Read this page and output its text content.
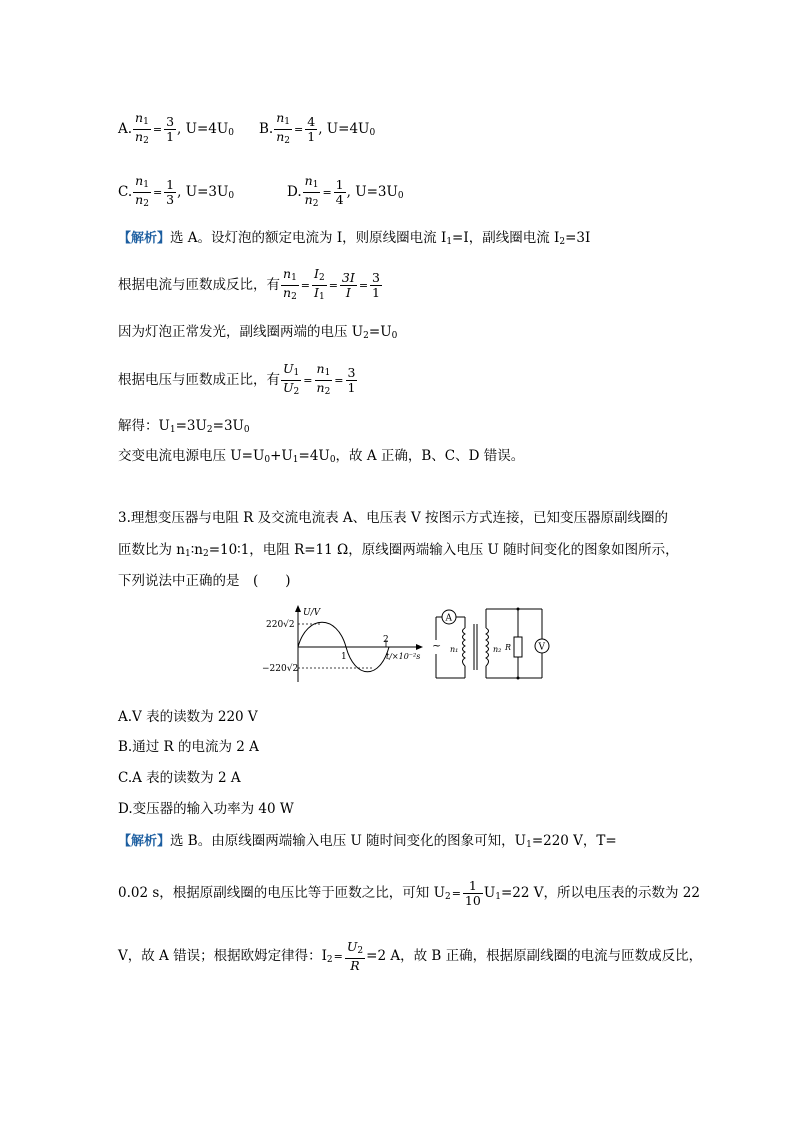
A. $\frac{n_1}{n_2} = \frac{3}{1}$ , $U=4U_0$ B. $\frac{n_1}{n_2} = \frac{4}{1}$ , $U=4U_0$
C. $\frac{n_1}{n_2} = \frac{1}{3}$ , $U=3U_0$	D. $\frac{n_1}{n_2} = \frac{1}{4}$ , $U=3U_0$
【解析】选 A。设灯泡的额定电流为 I，则原线圈电流 $I_1=I$，副线圈电流 $I_2=3I$
根据电流与匝数成反比，有 $\frac{n_1}{n_2} = \frac{I_2}{I_1} = \frac{3I}{I} = \frac{3}{1}$
因为灯泡正常发光，副线圈两端的电压 $U_2=U_0$
根据电压与匝数成正比，有 $\frac{U_1}{U_2} = \frac{n_1}{n_2} = \frac{3}{1}$
解得：$U_1=3U_2=3U_0$
交变电流电源电压 $U=U_0+U_1=4U_0$，故 A 正确，B、C、D 错误。
3.理想变压器与电阻 R 及交流电流表 A、电压表 V 按图示方式连接，已知变压器原副线圈的
匝数比为 $n_1∶n_2=10∶1$，电阻 R=11 Ω，原线圈两端输入电压 U 随时间变化的图象如图所示，
下列说法中正确的是　(　　)
U/V
220√2
−220√2
1
2
t/×10⁻²s
A
~ n₁	n₂ R	V
A.V 表的读数为 220 V
B.通过 R 的电流为 2 A
C.A 表的读数为 2 A
D.变压器的输入功率为 40 W
【解析】选 B。由原线圈两端输入电压 U 随时间变化的图象可知，$U_1=220$ V，T=
0.02 s，根据原副线圈的电压比等于匝数之比，可知 $U_2= \frac{1}{10} U_1=22$ V，所以电压表的示数为 22
V，故 A 错误；根据欧姆定律得：$I_2= \frac{U_2}{R} =2$ A，故 B 正确，根据原副线圈的电流与匝数成反比，
